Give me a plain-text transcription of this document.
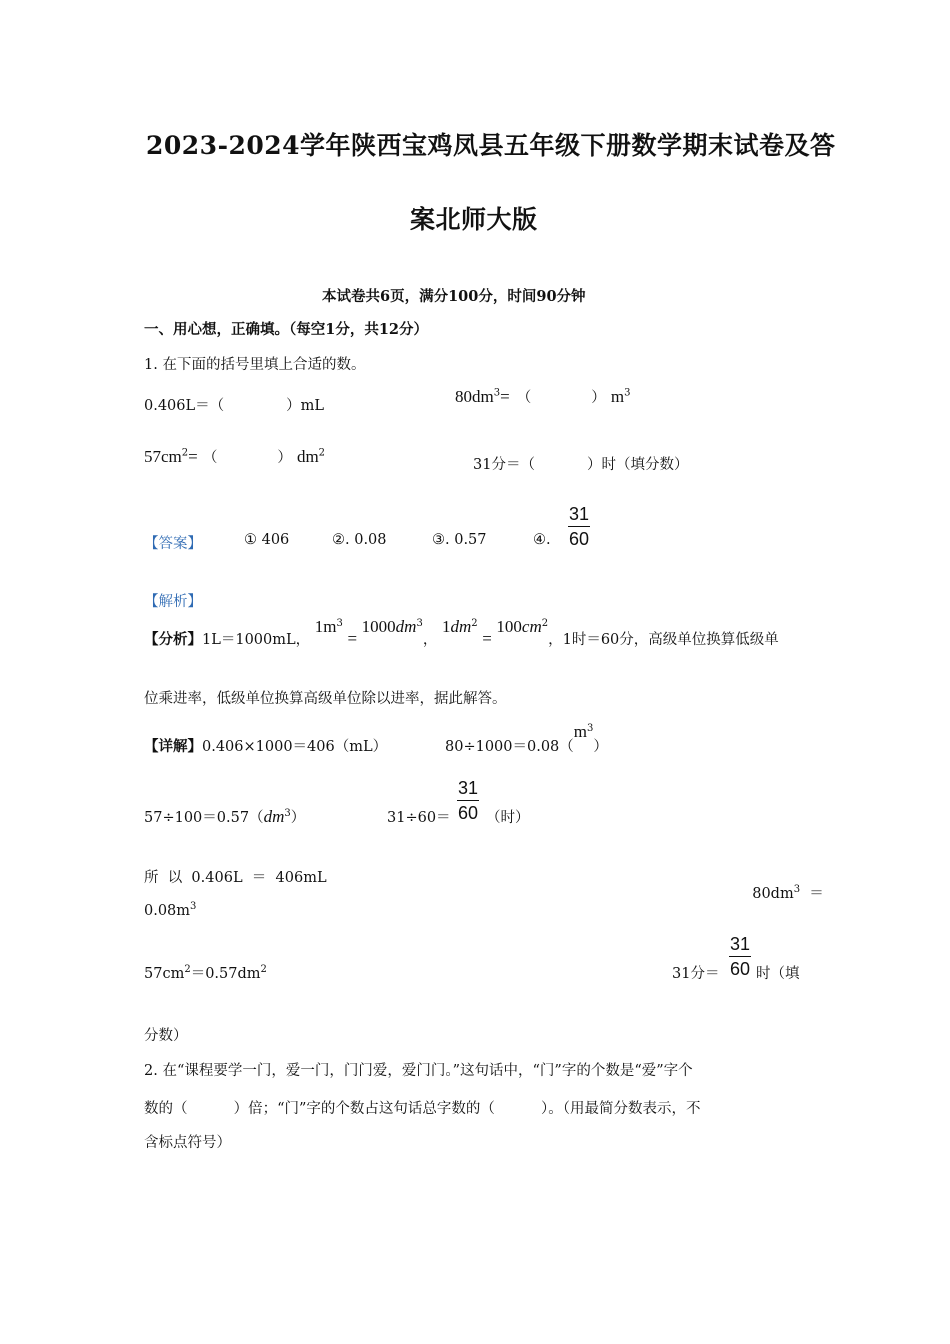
2023-2024学年陕西宝鸡凤县五年级下册数学期末试卷及答
案北师大版
本试卷共6页，满分100分，时间90分钟
一、用心想，正确填。（每空1分，共12分）
1. 在下面的括号里填上合适的数。
0.406L＝（	）mL	$80dm^3=$ （	） $m^3$
$57cm^2=$ （	） $dm^2$
31分＝（	）时（填分数）
【答案】	① 406	②. 0.08	③. 0.57	④. $\frac{31}{60}$
【解析】
【分析】1L＝1000mL， $1m^3 = 1000dm^3$， $1dm^2 = 100cm^2$，1时＝60分，高级单位换算低级单
位乘进率，低级单位换算高级单位除以进率，据此解答。
【详解】0.406×1000＝406（mL）	$80\div 1000=0.08(m^3)$
$57\div 100=0.57(dm^3)$	$31\div 60= \frac{31}{60}$ （时）
所  以  0.406L  ＝  406mL

$80dm^3$  ＝

$0.08m^3$
$57cm^2=0.57dm^2$	31分＝ $\frac{31}{60}$ 时（填
分数）
2. 在“课程要学一门，爱一门，门门爱，爱门门。”这句话中，“门”字的个数是“爱”字个
数的（          ）倍；“门”字的个数占这句话总字数的（          ）。（用最简分数表示，不
含标点符号）
